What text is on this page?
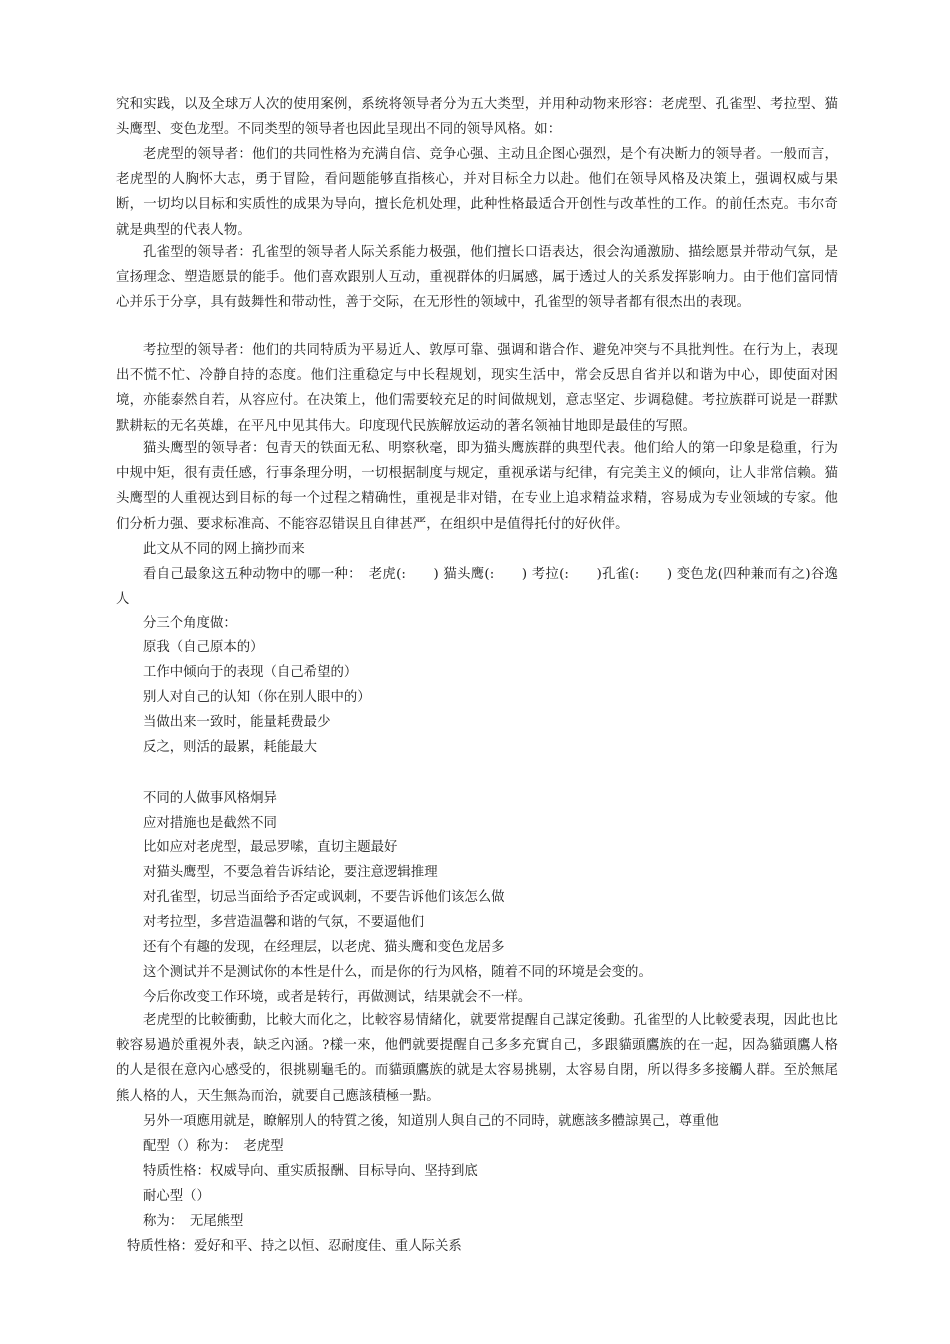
究和实践，以及全球万人次的使用案例，系统将领导者分为五大类型，并用种动物来形容：老虎型、孔雀型、考拉型、猫头鹰型、变色龙型。不同类型的领导者也因此呈现出不同的领导风格。如：
老虎型的领导者：他们的共同性格为充满自信、竞争心强、主动且企图心强烈，是个有决断力的领导者。一般而言，老虎型的人胸怀大志，勇于冒险，看问题能够直指核心，并对目标全力以赴。他们在领导风格及决策上，强调权威与果断，一切均以目标和实质性的成果为导向，擅长危机处理，此种性格最适合开创性与改革性的工作。的前任杰克。韦尔奇就是典型的代表人物。
孔雀型的领导者：孔雀型的领导者人际关系能力极强，他们擅长口语表达，很会沟通激励、描绘愿景并带动气氛，是宣扬理念、塑造愿景的能手。他们喜欢跟别人互动，重视群体的归属感，属于透过人的关系发挥影响力。由于他们富同情心并乐于分享，具有鼓舞性和带动性，善于交际，在无形性的领域中，孔雀型的领导者都有很杰出的表现。
考拉型的领导者：他们的共同特质为平易近人、敦厚可靠、强调和谐合作、避免冲突与不具批判性。在行为上，表现出不慌不忙、冷静自持的态度。他们注重稳定与中长程规划，现实生活中，常会反思自省并以和谐为中心，即使面对困境，亦能泰然自若，从容应付。在决策上，他们需要较充足的时间做规划，意志坚定、步调稳健。考拉族群可说是一群默默耕耘的无名英雄，在平凡中见其伟大。印度现代民族解放运动的著名领袖甘地即是最佳的写照。
猫头鹰型的领导者：包青天的铁面无私、明察秋毫，即为猫头鹰族群的典型代表。他们给人的第一印象是稳重，行为中规中矩，很有责任感，行事条理分明，一切根据制度与规定，重视承诺与纪律，有完美主义的倾向，让人非常信赖。猫头鹰型的人重视达到目标的每一个过程之精确性，重视是非对错，在专业上追求精益求精，容易成为专业领域的专家。他们分析力强、要求标准高、不能容忍错误且自律甚严，在组织中是值得托付的好伙伴。
此文从不同的网上摘抄而来
看自己最象这五种动物中的哪一种：　老虎(:　　) 猫头鹰(:　　) 考拉(:　　)孔雀(:　　) 变色龙(四种兼而有之)谷逸人
分三个角度做：
原我（自己原本的）
工作中倾向于的表现（自己希望的）
别人对自己的认知（你在别人眼中的）
当做出来一致时，能量耗费最少
反之，则活的最累，耗能最大
不同的人做事风格炯异
应对措施也是截然不同
比如应对老虎型，最忌罗嗦，直切主题最好
对猫头鹰型，不要急着告诉结论，要注意逻辑推理
对孔雀型，切忌当面给予否定或讽刺，不要告诉他们该怎么做
对考拉型，多营造温馨和谐的气氛，不要逼他们
还有个有趣的发现，在经理层，以老虎、猫头鹰和变色龙居多
这个测试并不是测试你的本性是什么，而是你的行为风格，随着不同的环境是会变的。
今后你改变工作环境，或者是转行，再做测试，结果就会不一样。
老虎型的比較衝動，比較大而化之，比較容易情緒化，就要常提醒自己謀定後動。孔雀型的人比較愛表現，因此也比較容易過於重視外表，缺乏內涵。?樣一來，他們就要提醒自己多多充實自己，多跟貓頭鷹族的在一起，因為貓頭鷹人格的人是很在意內心感受的，很挑剔龜毛的。而貓頭鷹族的就是太容易挑剔，太容易自閉，所以得多多接觸人群。至於無尾熊人格的人，天生無為而治，就要自己應該積極一點。
另外一項應用就是，瞭解別人的特質之後，知道別人與自己的不同時，就應該多體諒異己，尊重他
配型（）称为：　老虎型
特质性格：权威导向、重实质报酬、目标导向、坚持到底
耐心型（）
称为：　无尾熊型
特质性格：爱好和平、持之以恒、忍耐度佳、重人际关系
